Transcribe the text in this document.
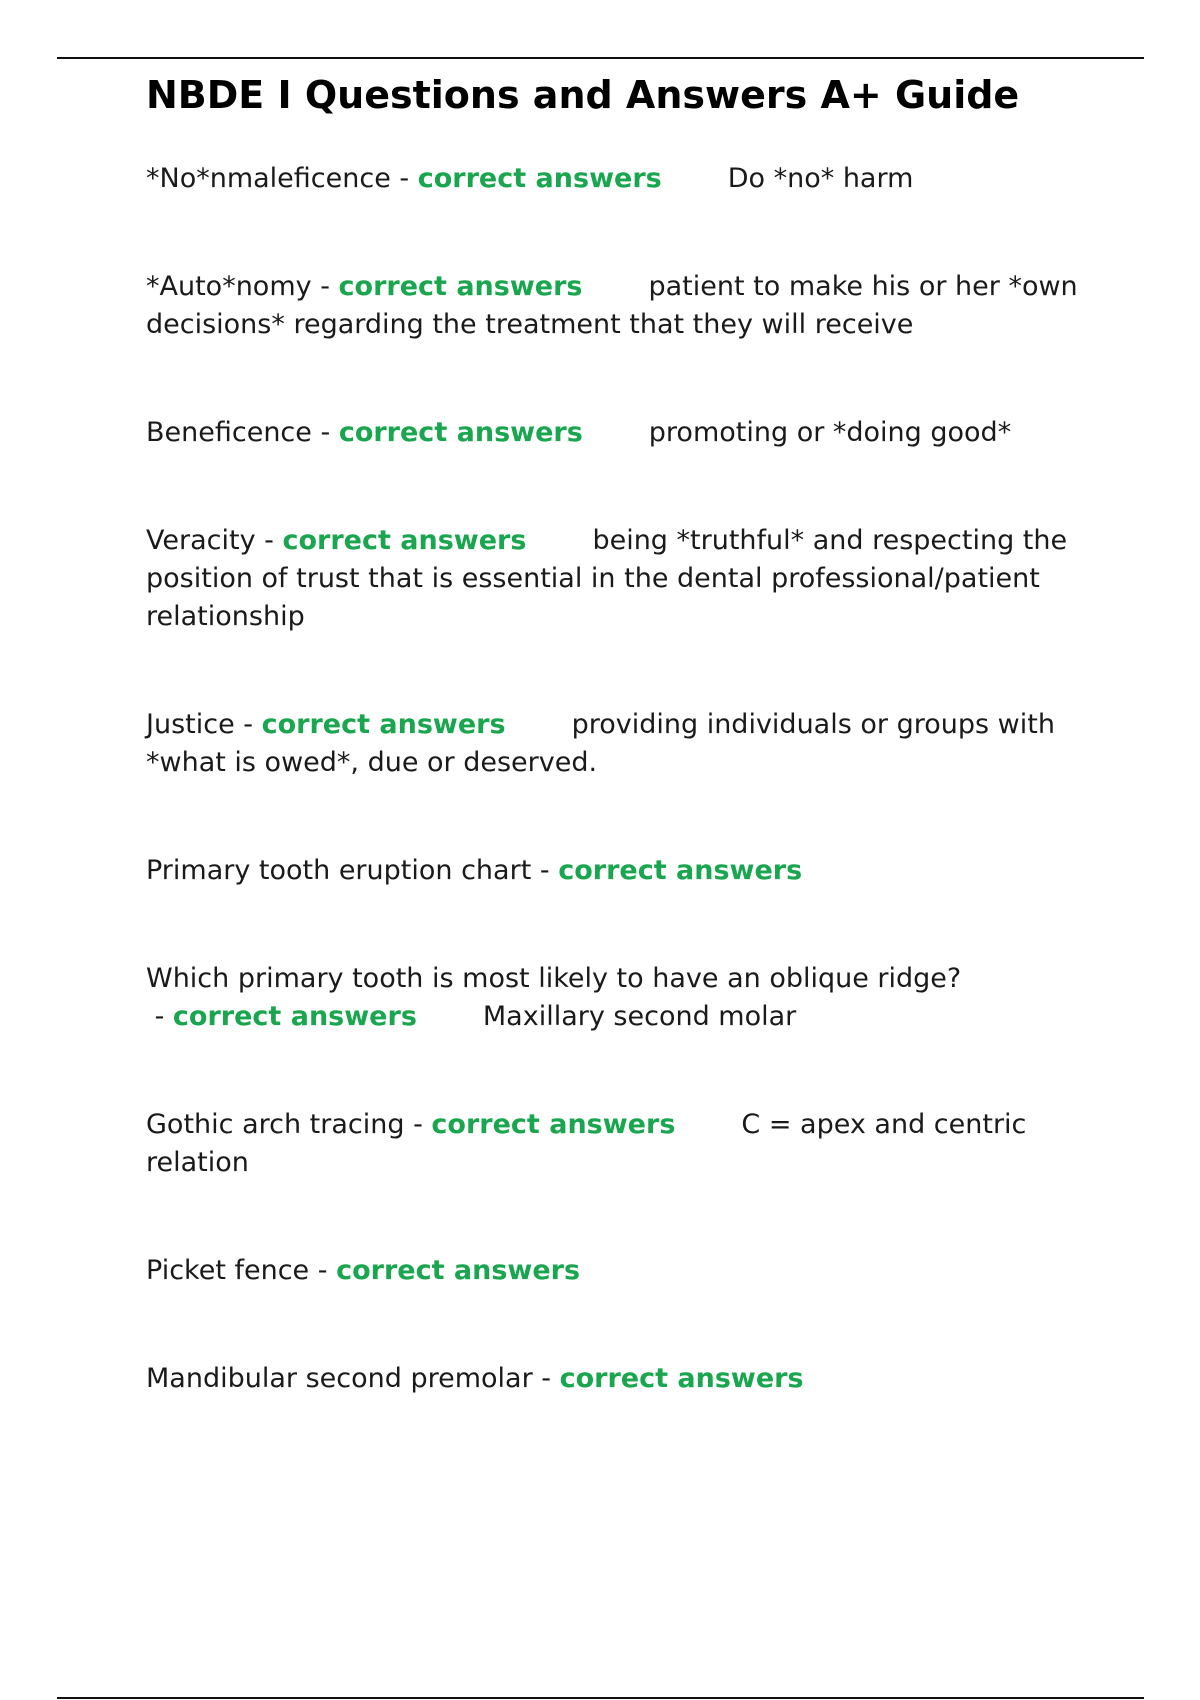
NBDE I Questions and Answers A+ Guide
*No*nmaleficence - correct answers Do *no* harm
*Auto*nomy - correct answers patient to make his or her *own decisions* regarding the treatment that they will receive
Beneficence - correct answers promoting or *doing good*
Veracity - correct answers being *truthful* and respecting the position of trust that is essential in the dental professional/patient relationship
Justice - correct answers providing individuals or groups with *what is owed*, due or deserved.
Primary tooth eruption chart - correct answers
Which primary tooth is most likely to have an oblique ridge? - correct answers Maxillary second molar
Gothic arch tracing - correct answers C = apex and centric relation
Picket fence - correct answers
Mandibular second premolar - correct answers
